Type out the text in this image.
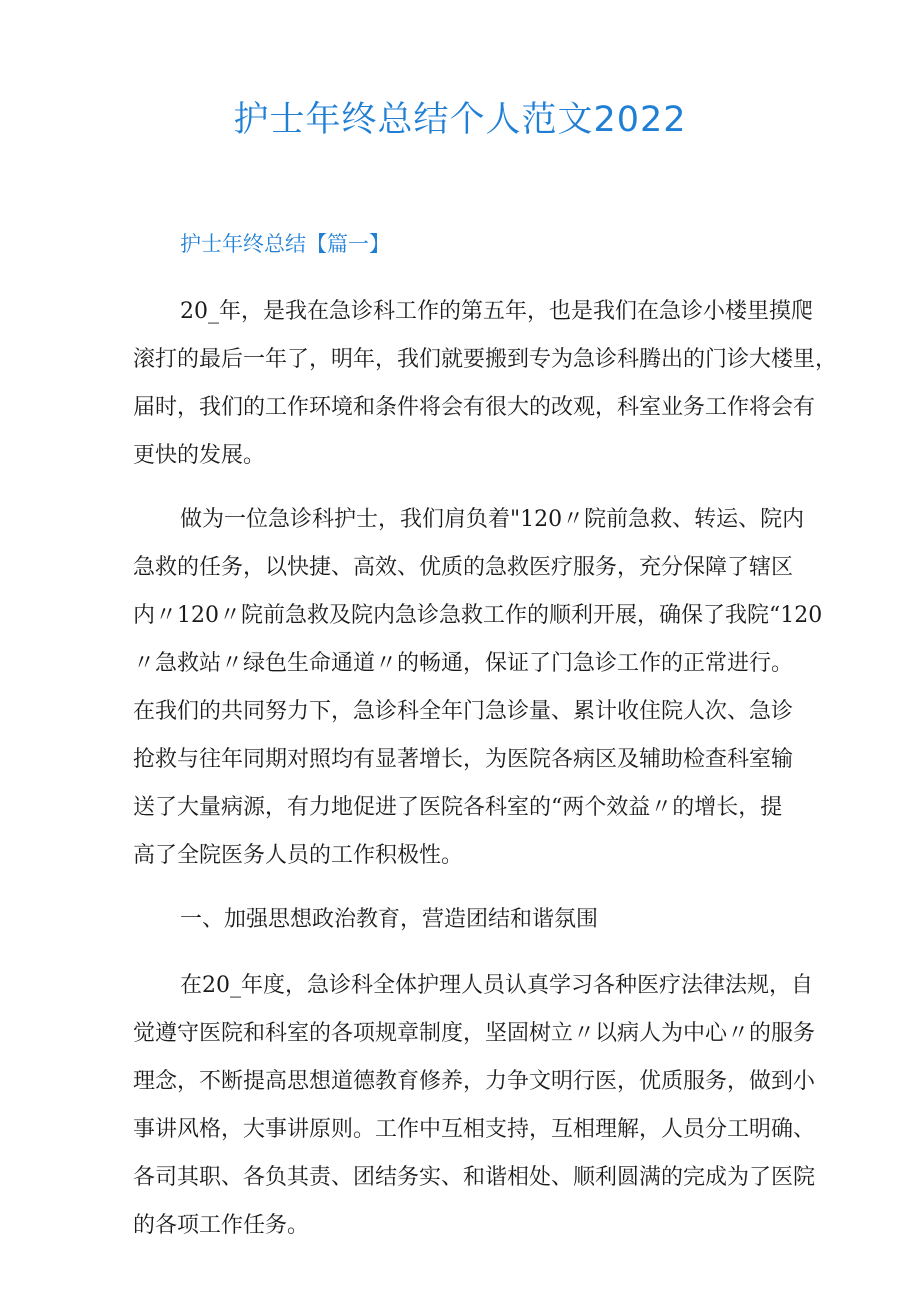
护士年终总结个人范文2022
护士年终总结【篇一】
20_年，是我在急诊科工作的第五年，也是我们在急诊小楼里摸爬
滚打的最后一年了，明年，我们就要搬到专为急诊科腾出的门诊大楼里，
届时，我们的工作环境和条件将会有很大的改观，科室业务工作将会有
更快的发展。
做为一位急诊科护士，我们肩负着"120〃院前急救、转运、院内
急救的任务，以快捷、高效、优质的急救医疗服务，充分保障了辖区
内〃120〃院前急救及院内急诊急救工作的顺利开展，确保了我院“120
〃急救站〃绿色生命通道〃的畅通，保证了门急诊工作的正常进行。
在我们的共同努力下，急诊科全年门急诊量、累计收住院人次、急诊
抢救与往年同期对照均有显著增长，为医院各病区及辅助检查科室输
送了大量病源，有力地促进了医院各科室的“两个效益〃的增长，提
高了全院医务人员的工作积极性。
一、加强思想政治教育，营造团结和谐氛围
在20_年度，急诊科全体护理人员认真学习各种医疗法律法规，自
觉遵守医院和科室的各项规章制度，坚固树立〃以病人为中心〃的服务
理念，不断提高思想道德教育修养，力争文明行医，优质服务，做到小
事讲风格，大事讲原则。工作中互相支持，互相理解，人员分工明确、
各司其职、各负其责、团结务实、和谐相处、顺利圆满的完成为了医院
的各项工作任务。
